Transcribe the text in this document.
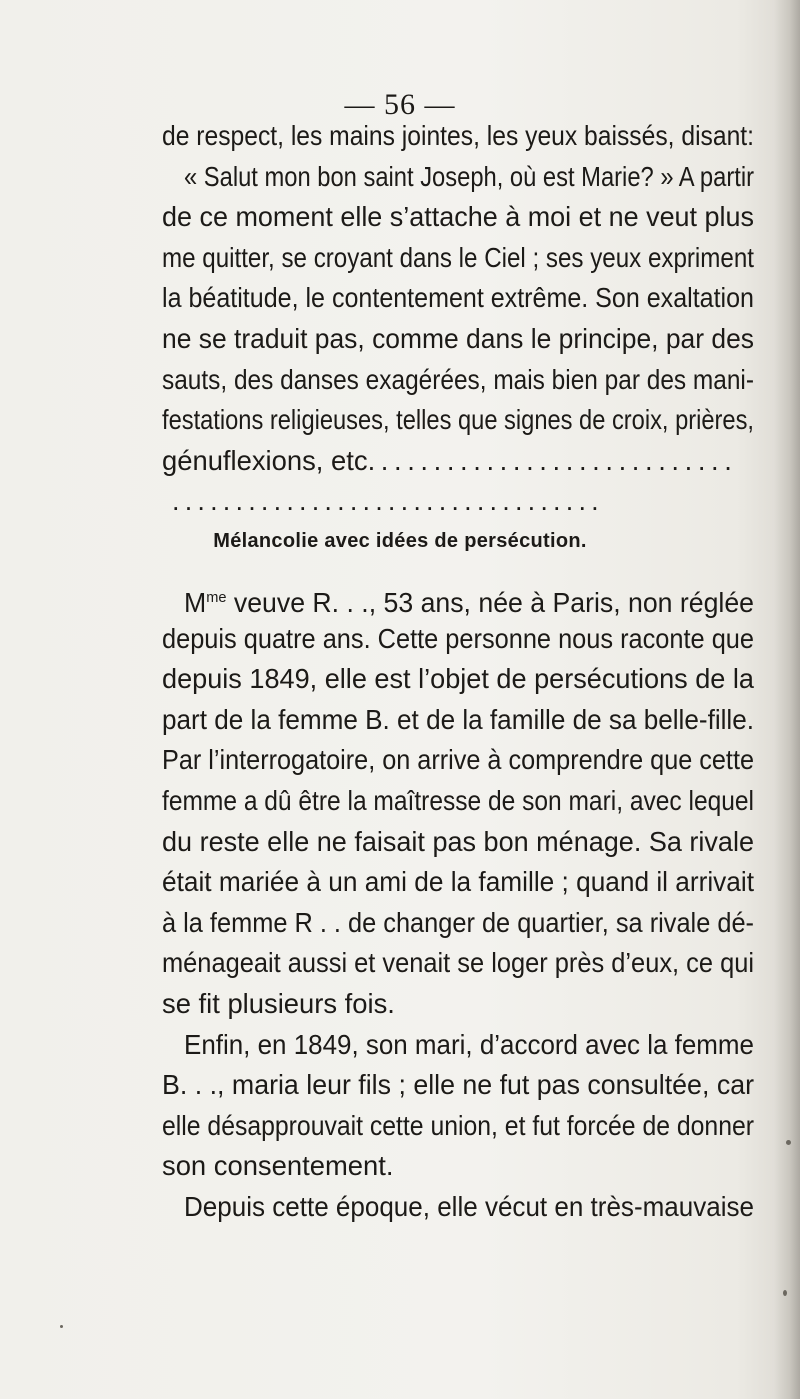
— 56 —
de respect, les mains jointes, les yeux baissés, disant:
« Salut mon bon saint Joseph, où est Marie? » A partir
de ce moment elle s’attache à moi et ne veut plus
me quitter, se croyant dans le Ciel ; ses yeux expriment
la béatitude, le contentement extrême. Son exaltation
ne se traduit pas, comme dans le principe, par des
sauts, des danses exagérées, mais bien par des mani-
festations religieuses, telles que signes de croix, prières,
génuflexions, etc............................
..................................
Mélancolie avec idées de persécution.
$M^{me}$ veuve R. . ., 53 ans, née à Paris, non réglée
depuis quatre ans. Cette personne nous raconte que
depuis 1849, elle est l’objet de persécutions de la
part de la femme B. et de la famille de sa belle-fille.
Par l’interrogatoire, on arrive à comprendre que cette
femme a dû être la maîtresse de son mari, avec lequel
du reste elle ne faisait pas bon ménage. Sa rivale
était mariée à un ami de la famille ; quand il arrivait
à la femme R . . de changer de quartier, sa rivale dé-
ménageait aussi et venait se loger près d’eux, ce qui
se fit plusieurs fois.
Enfin, en 1849, son mari, d’accord avec la femme
B. . ., maria leur fils ; elle ne fut pas consultée, car
elle désapprouvait cette union, et fut forcée de donner
son consentement.
Depuis cette époque, elle vécut en très-mauvaise
